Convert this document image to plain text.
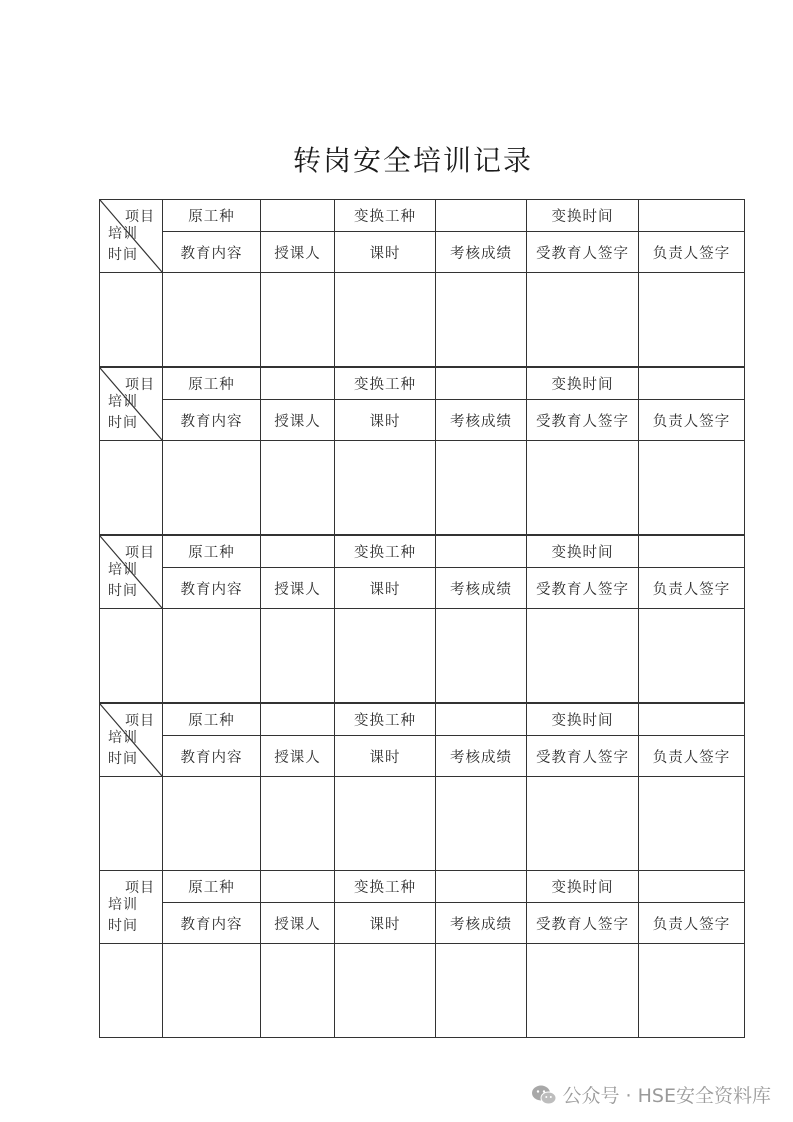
转岗安全培训记录
项目
培训
时间	原工种		变换工种		变换时间	
	教育内容	授课人	课时	考核成绩	受教育人签字	负责人签字

项目
培训
时间	原工种		变换工种		变换时间	
	教育内容	授课人	课时	考核成绩	受教育人签字	负责人签字

项目
培训
时间	原工种		变换工种		变换时间	
	教育内容	授课人	课时	考核成绩	受教育人签字	负责人签字

项目
培训
时间	原工种		变换工种		变换时间	
	教育内容	授课人	课时	考核成绩	受教育人签字	负责人签字

项目
培训
时间	原工种		变换工种		变换时间	
	教育内容	授课人	课时	考核成绩	受教育人签字	负责人签字

公众号 · HSE安全资料库
